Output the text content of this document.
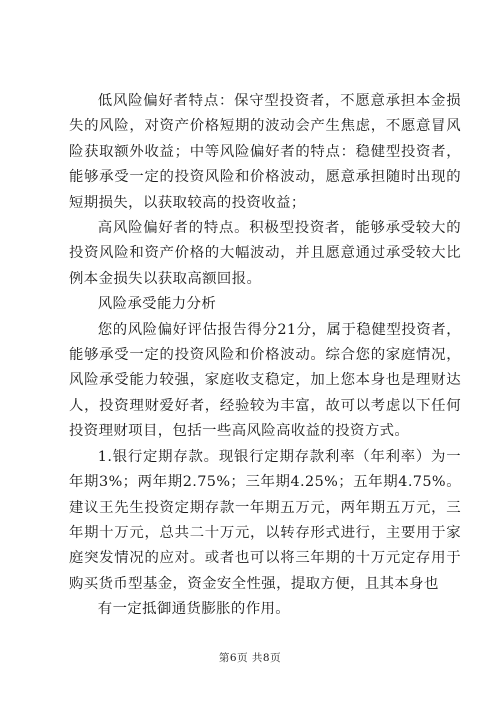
低风险偏好者特点：保守型投资者，不愿意承担本金损失的风险，对资产价格短期的波动会产生焦虑，不愿意冒风险获取额外收益；中等风险偏好者的特点：稳健型投资者，能够承受一定的投资风险和价格波动，愿意承担随时出现的短期损失，以获取较高的投资收益；

高风险偏好者的特点。积极型投资者，能够承受较大的投资风险和资产价格的大幅波动，并且愿意通过承受较大比例本金损失以获取高额回报。

风险承受能力分析

您的风险偏好评估报告得分21分，属于稳健型投资者，能够承受一定的投资风险和价格波动。综合您的家庭情况，风险承受能力较强，家庭收支稳定，加上您本身也是理财达人，投资理财爱好者，经验较为丰富，故可以考虑以下任何投资理财项目，包括一些高风险高收益的投资方式。

1.银行定期存款。现银行定期存款利率（年利率）为一年期3%；两年期2.75%；三年期4.25%；五年期4.75%。建议王先生投资定期存款一年期五万元，两年期五万元，三年期十万元，总共二十万元，以转存形式进行，主要用于家庭突发情况的应对。或者也可以将三年期的十万元定存用于购买货币型基金，资金安全性强，提取方便，且其本身也

有一定抵御通货膨胀的作用。

第6页 共8页
